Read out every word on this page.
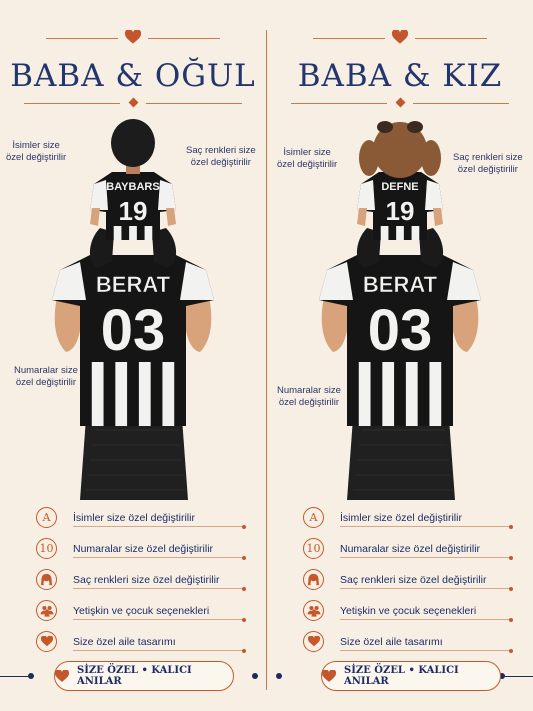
BABA & OĞUL
BERAT
03
BAYBARS
19
İsimler size
özel değiştirilir
Saç renkleri size
özel değiştirilir
Numaralar size
özel değiştirilir
A	İsimler size özel değiştirilir
10	Numaralar size özel değiştirilir
Saç renkleri size özel değiştirilir
Yetişkin ve çocuk seçenekleri
Size özel aile tasarımı
SİZE ÖZEL • KALICI ANILAR
BABA & KIZ
BERAT
03
DEFNE
19
İsimler size
özel değiştirilir
Saç renkleri size
özel değiştirilir
Numaralar size
özel değiştirilir
A	İsimler size özel değiştirilir
10	Numaralar size özel değiştirilir
Saç renkleri size özel değiştirilir
Yetişkin ve çocuk seçenekleri
Size özel aile tasarımı
SİZE ÖZEL • KALICI ANILAR
